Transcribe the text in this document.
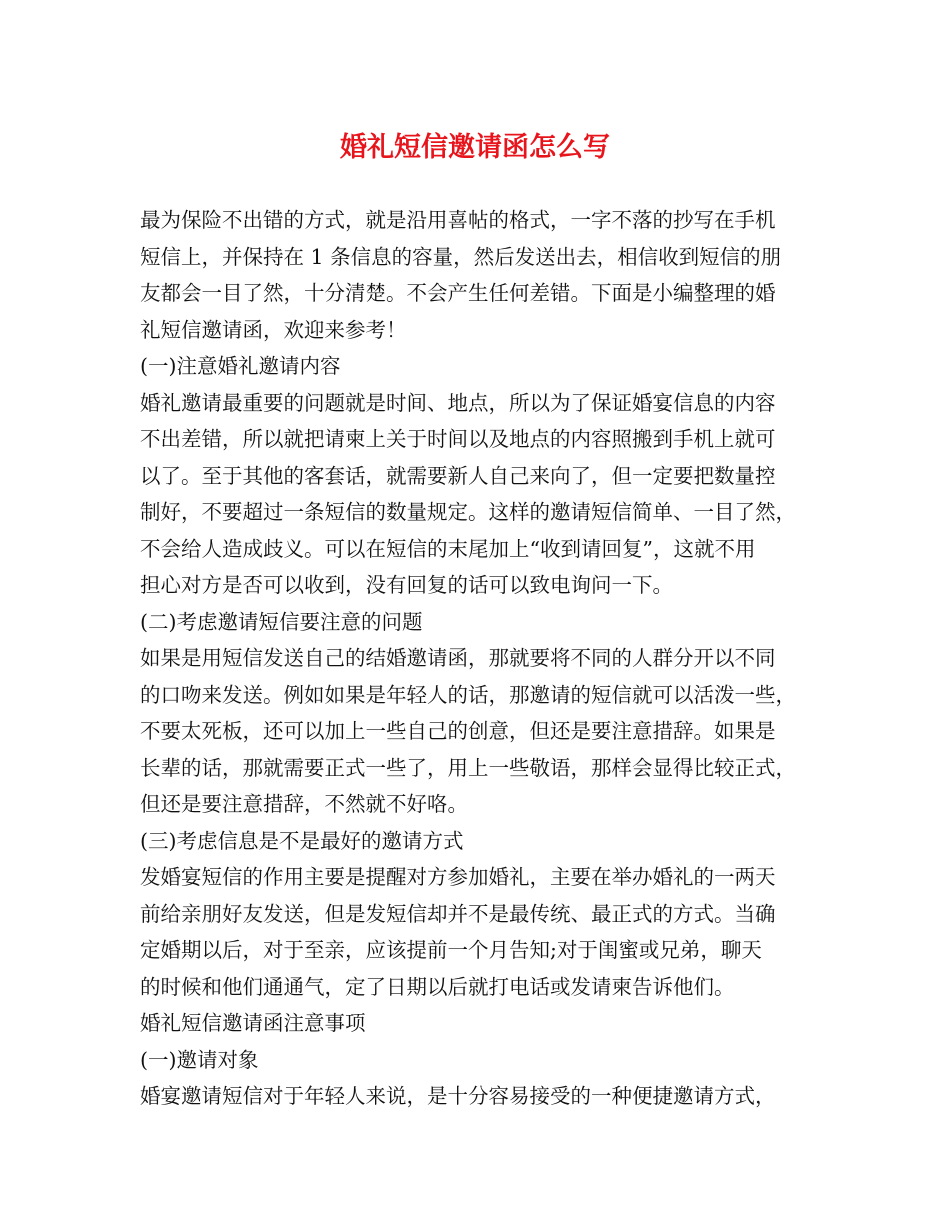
婚礼短信邀请函怎么写
最为保险不出错的方式，就是沿用喜帖的格式，一字不落的抄写在手机
短信上，并保持在 1 条信息的容量，然后发送出去，相信收到短信的朋
友都会一目了然，十分清楚。不会产生任何差错。下面是小编整理的婚
礼短信邀请函，欢迎来参考！
(一)注意婚礼邀请内容
婚礼邀请最重要的问题就是时间、地点，所以为了保证婚宴信息的内容
不出差错，所以就把请柬上关于时间以及地点的内容照搬到手机上就可
以了。至于其他的客套话，就需要新人自己来向了，但一定要把数量控
制好，不要超过一条短信的数量规定。这样的邀请短信简单、一目了然，
不会给人造成歧义。可以在短信的末尾加上“收到请回复”，这就不用
担心对方是否可以收到，没有回复的话可以致电询问一下。
(二)考虑邀请短信要注意的问题
如果是用短信发送自己的结婚邀请函，那就要将不同的人群分开以不同
的口吻来发送。例如如果是年轻人的话，那邀请的短信就可以活泼一些，
不要太死板，还可以加上一些自己的创意，但还是要注意措辞。如果是
长辈的话，那就需要正式一些了，用上一些敬语，那样会显得比较正式，
但还是要注意措辞，不然就不好咯。
(三)考虑信息是不是最好的邀请方式
发婚宴短信的作用主要是提醒对方参加婚礼，主要在举办婚礼的一两天
前给亲朋好友发送，但是发短信却并不是最传统、最正式的方式。当确
定婚期以后，对于至亲，应该提前一个月告知;对于闺蜜或兄弟，聊天
的时候和他们通通气，定了日期以后就打电话或发请柬告诉他们。
婚礼短信邀请函注意事项
(一)邀请对象
婚宴邀请短信对于年轻人来说，是十分容易接受的一种便捷邀请方式，
